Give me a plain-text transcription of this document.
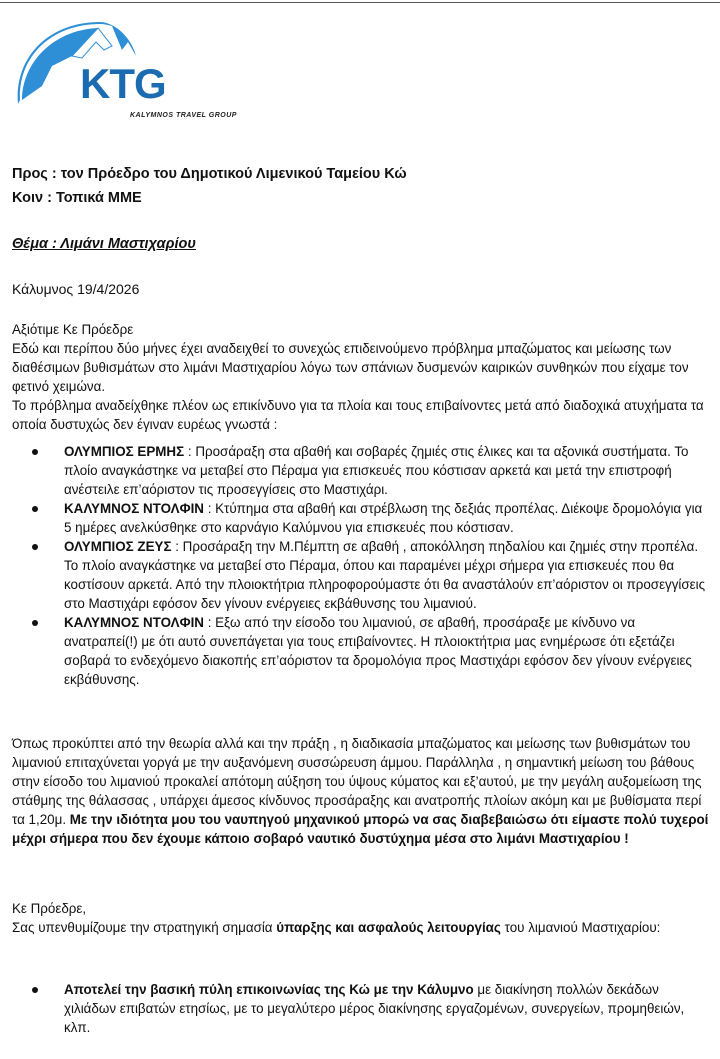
KTG
KALYMNOS TRAVEL GROUP
Προς : τον Πρόεδρο του Δημοτικού Λιμενικού Ταμείου Κώ
Κοιν : Τοπικά ΜΜΕ
Θέμα : Λιμάνι Μαστιχαρίου
Κάλυμνος 19/4/2026
Αξιότιμε Κε Πρόεδρε
Εδώ και περίπου δύο μήνες έχει αναδειχθεί το συνεχώς επιδεινούμενο πρόβλημα μπαζώματος και μείωσης των διαθέσιμων βυθισμάτων στο λιμάνι Μαστιχαρίου λόγω των σπάνιων δυσμενών καιρικών συνθηκών που είχαμε τον φετινό χειμώνα.
Το πρόβλημα αναδείχθηκε πλέον ως επικίνδυνο για τα πλοία και τους επιβαίνοντες μετά από διαδοχικά ατυχήματα τα οποία δυστυχώς δεν έγιναν ευρέως γνωστά :
ΟΛΥΜΠΙΟΣ ΕΡΜΗΣ : Προσάραξη στα αβαθή και σοβαρές ζημιές στις έλικες και τα αξονικά συστήματα. Το πλοίο αναγκάστηκε να μεταβεί στο Πέραμα για επισκευές που κόστισαν αρκετά και μετά την επιστροφή ανέστειλε επ’αόριστον τις προσεγγίσεις στο Μαστιχάρι.
ΚΑΛΥΜΝΟΣ ΝΤΟΛΦΙΝ : Κτύπημα στα αβαθή και στρέβλωση της δεξιάς προπέλας. Διέκοψε δρομολόγια για 5 ημέρες ανελκύσθηκε στο καρνάγιο Καλύμνου για επισκευές που κόστισαν.
ΟΛΥΜΠΙΟΣ ΖΕΥΣ : Προσάραξη την Μ.Πέμπτη σε αβαθή , αποκόλληση πηδαλίου και ζημιές στην προπέλα. Το πλοίο αναγκάστηκε να μεταβεί στο Πέραμα, όπου και παραμένει μέχρι σήμερα για επισκευές που θα κοστίσουν αρκετά. Από την πλοιοκτήτρια πληροφορούμαστε ότι θα αναστάλούν επ’αόριστον οι προσεγγίσεις στο Μαστιχάρι εφόσον δεν γίνουν ενέργειες εκβάθυνσης του λιμανιού.
ΚΑΛΥΜΝΟΣ ΝΤΟΛΦΙΝ : Εξω από την είσοδο του λιμανιού, σε αβαθή, προσάραξε με κίνδυνο να ανατραπεί(!) με ότι αυτό συνεπάγεται για τους επιβαίνοντες. Η πλοιοκτήτρια μας ενημέρωσε ότι εξετάζει σοβαρά το ενδεχόμενο διακοπής επ’αόριστον τα δρομολόγια προς Μαστιχάρι εφόσον δεν γίνουν ενέργειες εκβάθυνσης.
Όπως προκύπτει από την θεωρία αλλά και την πράξη , η διαδικασία μπαζώματος και μείωσης των βυθισμάτων του λιμανιού επιταχύνεται γοργά με την αυξανόμενη συσσώρευση άμμου. Παράλληλα , η σημαντική μείωση του βάθους στην είσοδο του λιμανιού προκαλεί απότομη αύξηση του ύψους κύματος και εξ’αυτού, με την μεγάλη αυξομείωση της στάθμης της θάλασσας , υπάρχει άμεσος κίνδυνος προσάραξης και ανατροπής πλοίων ακόμη και με βυθίσματα περί τα 1,20μ. Με την ιδιότητα μου του ναυπηγού μηχανικού μπορώ να σας διαβεβαιώσω ότι είμαστε πολύ τυχεροί μέχρι σήμερα που δεν έχουμε κάποιο σοβαρό ναυτικό δυστύχημα μέσα στο λιμάνι Μαστιχαρίου !
Κε Πρόεδρε,
Σας υπενθυμίζουμε την στρατηγική σημασία ύπαρξης και ασφαλούς λειτουργίας του λιμανιού Μαστιχαρίου:
Αποτελεί την βασική πύλη επικοινωνίας της Κώ με την Κάλυμνο με διακίνηση πολλών δεκάδων χιλιάδων επιβατών ετησίως, με το μεγαλύτερο μέρος διακίνησης εργαζομένων, συνεργείων, προμηθειών, κλπ.
